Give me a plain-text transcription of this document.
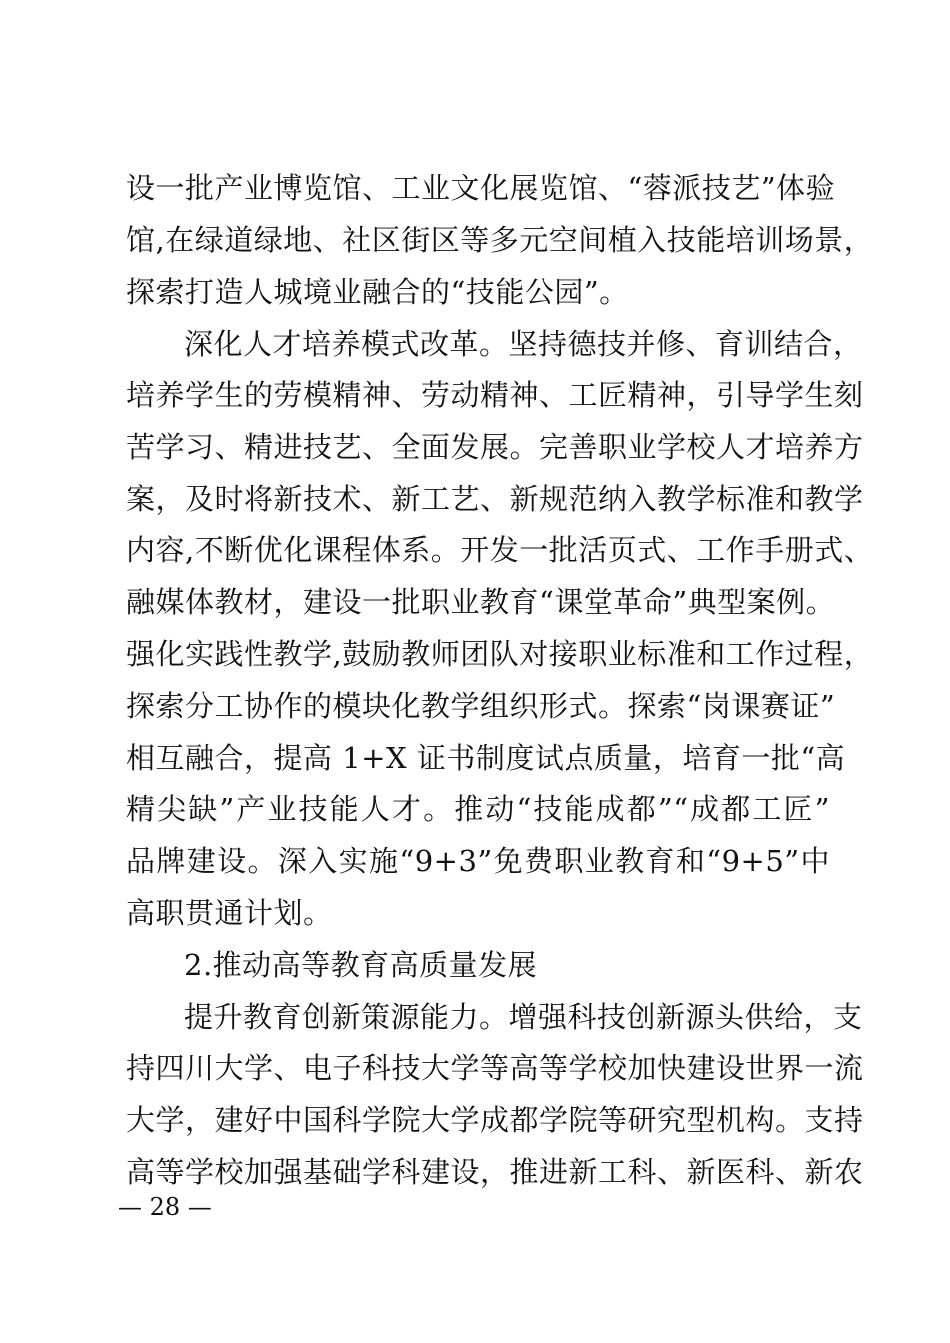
设一批产业博览馆、工业文化展览馆、“蓉派技艺”体验
馆,在绿道绿地、社区街区等多元空间植入技能培训场景，
探索打造人城境业融合的“技能公园”。
深化人才培养模式改革。坚持德技并修、育训结合，
培养学生的劳模精神、劳动精神、工匠精神，引导学生刻
苦学习、精进技艺、全面发展。完善职业学校人才培养方
案，及时将新技术、新工艺、新规范纳入教学标准和教学
内容,不断优化课程体系。开发一批活页式、工作手册式、
融媒体教材，建设一批职业教育“课堂革命”典型案例。
强化实践性教学,鼓励教师团队对接职业标准和工作过程，
探索分工协作的模块化教学组织形式。探索“岗课赛证”
相互融合，提高 1+X 证书制度试点质量，培育一批“高
精尖缺”产业技能人才。推动“技能成都”“成都工匠”
品牌建设。深入实施“9+3”免费职业教育和“9+5”中
高职贯通计划。
2.推动高等教育高质量发展
提升教育创新策源能力。增强科技创新源头供给，支
持四川大学、电子科技大学等高等学校加快建设世界一流
大学，建好中国科学院大学成都学院等研究型机构。支持
高等学校加强基础学科建设，推进新工科、新医科、新农
— 28 —
